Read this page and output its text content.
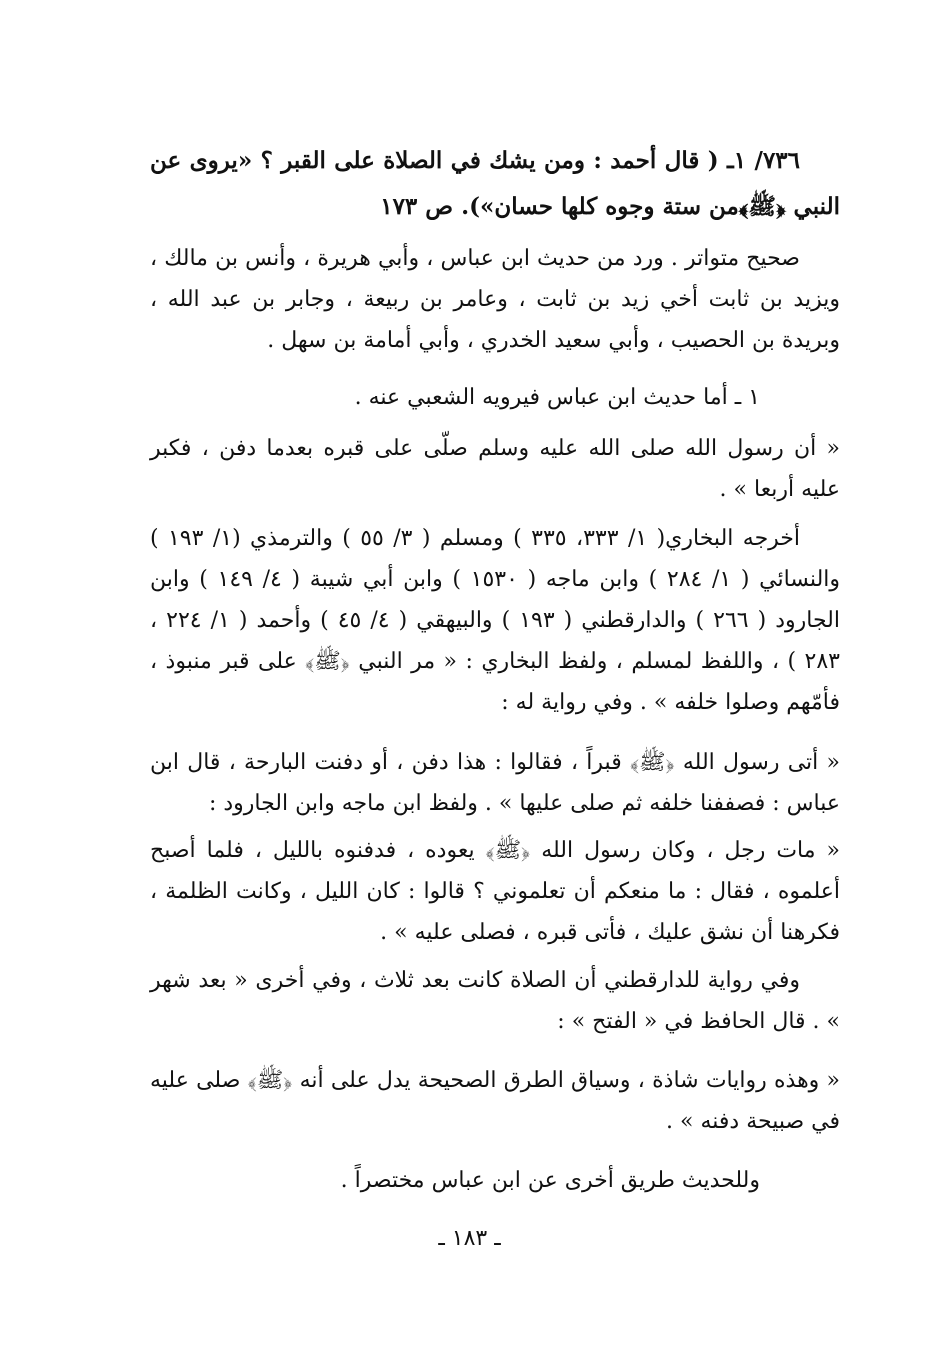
٧٣٦/ ١ـ ( قال أحمد : ومن يشك في الصلاة على القبر ؟ «يروى عن النبي ﴿ﷺ﴾من ستة وجوه كلها حسان»). ص ١٧٣
صحيح متواتر . ورد من حديث ابن عباس ، وأبي هريرة ، وأنس بن مالك ، ويزيد بن ثابت أخي زيد بن ثابت ، وعامر بن ربيعة ، وجابر بن عبد الله ، وبريدة بن الحصيب ، وأبي سعيد الخدري ، وأبي أمامة بن سهل .
١ ـ أما حديث ابن عباس فيرويه الشعبي عنه .
« أن رسول الله صلى الله عليه وسلم صلّى على قبره بعدما دفن ، فكبر عليه أربعا » .
أخرجه البخاري( ١/ ٣٣٣، ٣٣٥ ) ومسلم ( ٣/ ٥٥ ) والترمذي (١/ ١٩٣ ) والنسائي ( ١/ ٢٨٤ ) وابن ماجه ( ١٥٣٠ ) وابن أبي شيبة ( ٤/ ١٤٩ ) وابن الجارود ( ٢٦٦ ) والدارقطني ( ١٩٣ ) والبيهقي ( ٤/ ٤٥ ) وأحمد ( ١/ ٢٢٤ ، ٢٨٣ ) ، واللفظ لمسلم ، ولفظ البخاري : « مر النبي ﴿ﷺ﴾ على قبر منبوذ ، فأمّهم وصلوا خلفه » . وفي رواية له :
« أتى رسول الله ﴿ﷺ﴾ قبراً ، فقالوا : هذا دفن ، أو دفنت البارحة ، قال ابن عباس : فصففنا خلفه ثم صلى عليها » . ولفظ ابن ماجه وابن الجارود :
« مات رجل ، وكان رسول الله ﴿ﷺ﴾ يعوده ، فدفنوه بالليل ، فلما أصبح أعلموه ، فقال : ما منعكم أن تعلموني ؟ قالوا : كان الليل ، وكانت الظلمة ، فكرهنا أن نشق عليك ، فأتى قبره ، فصلى عليه » .
وفي رواية للدارقطني أن الصلاة كانت بعد ثلاث ، وفي أخرى « بعد شهر » . قال الحافظ في « الفتح » :
« وهذه روايات شاذة ، وسياق الطرق الصحيحة يدل على أنه ﴿ﷺ﴾ صلى عليه في صبيحة دفنه » .
وللحديث طريق أخرى عن ابن عباس مختصراً .
ـ ١٨٣ ـ
